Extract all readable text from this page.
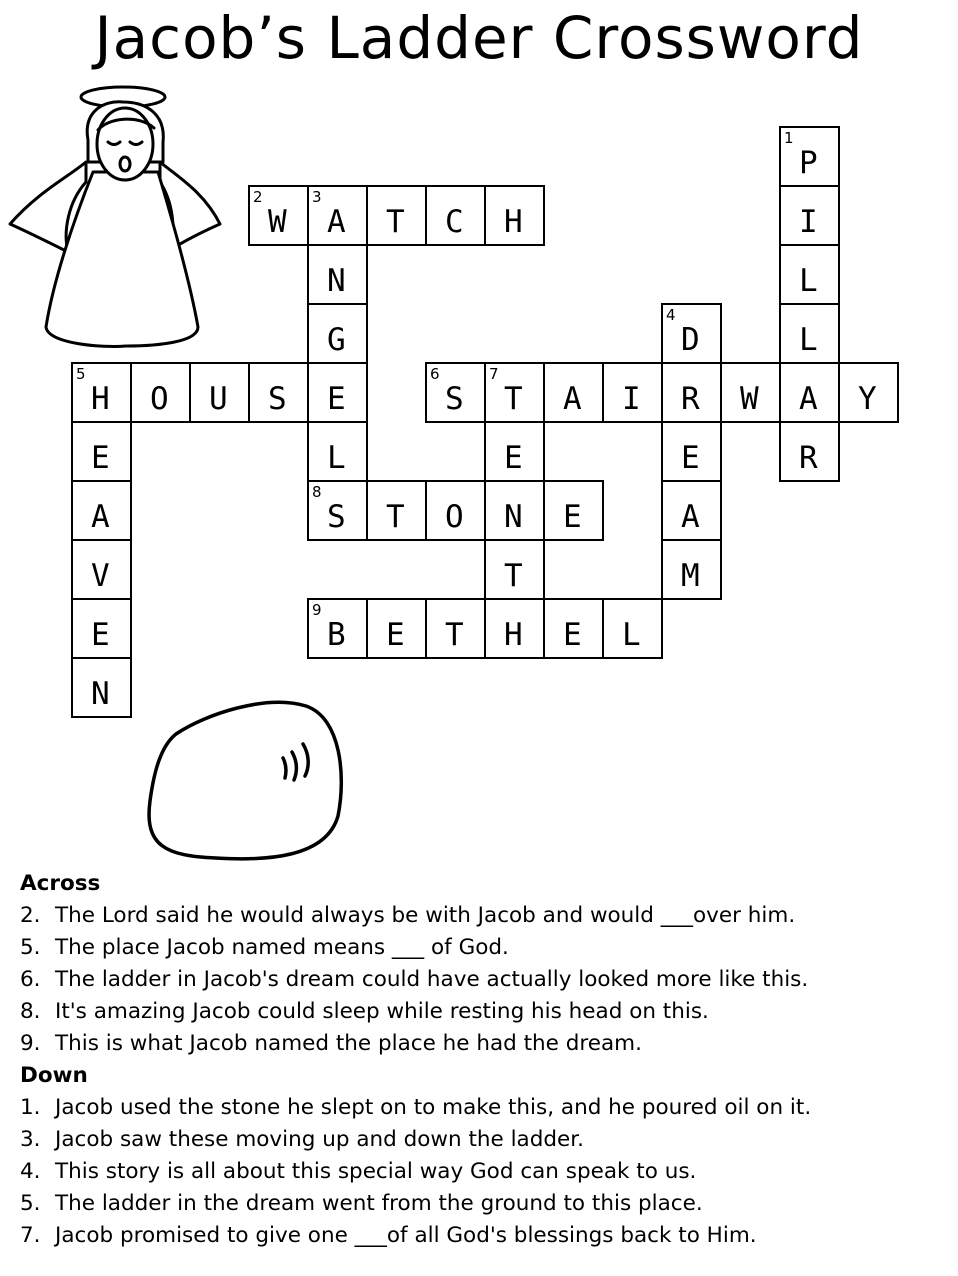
Jacob’s Ladder Crossword
W
2
A
3
T C H
H
5
O U S E	S
6
T
7
A I R W A Y
S
8
T O N E
B
9
E T H E L
P
1
I
L
L
R
N
G
L
D
4
E
A
M
E
A
V
E
N
E
T
Across
2. The Lord said he would always be with Jacob and would ___over him.
5. The place Jacob named means ___ of God.
6. The ladder in Jacob's dream could have actually looked more like this.
8. It's amazing Jacob could sleep while resting his head on this.
9. This is what Jacob named the place he had the dream.
Down
1. Jacob used the stone he slept on to make this, and he poured oil on it.
3. Jacob saw these moving up and down the ladder.
4. This story is all about this special way God can speak to us.
5. The ladder in the dream went from the ground to this place.
7. Jacob promised to give one ___of all God's blessings back to Him.
